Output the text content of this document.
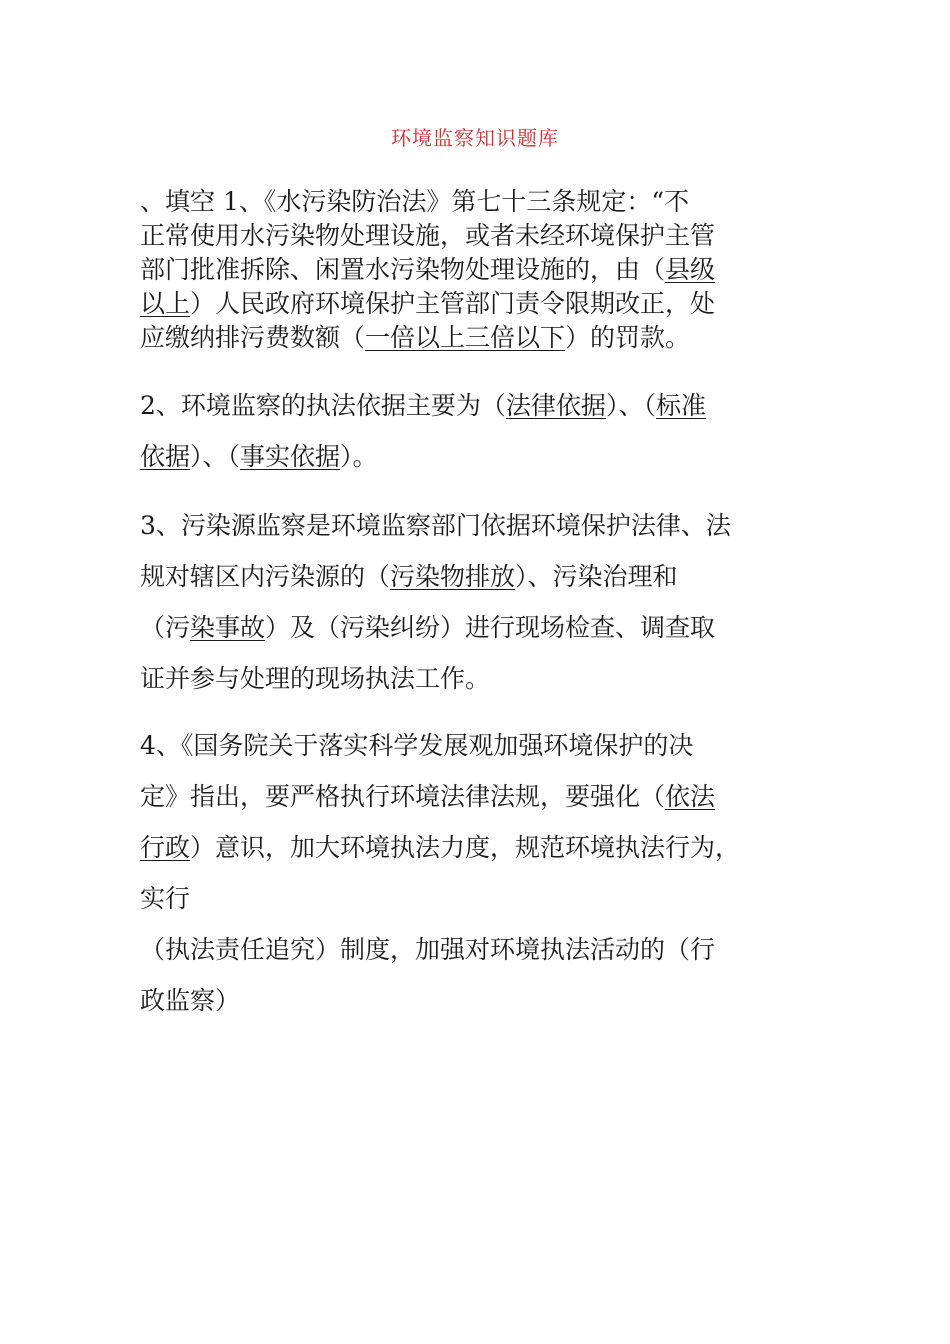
环境监察知识题库
、填空 1、《水污染防治法》第七十三条规定：“不
正常使用水污染物处理设施，或者未经环境保护主管
部门批准拆除、闲置水污染物处理设施的，由（县级
以上）人民政府环境保护主管部门责令限期改正，处
应缴纳排污费数额（一倍以上三倍以下）的罚款。
2、环境监察的执法依据主要为（法律依据）、（标准
依据）、（事实依据）。
3、污染源监察是环境监察部门依据环境保护法律、法
规对辖区内污染源的（污染物排放）、污染治理和
（污染事故）及（污染纠纷）进行现场检查、调查取
证并参与处理的现场执法工作。
4、《国务院关于落实科学发展观加强环境保护的决
定》指出，要严格执行环境法律法规，要强化（依法
行政）意识，加大环境执法力度，规范环境执法行为，
实行
（执法责任追究）制度，加强对环境执法活动的（行
政监察）
